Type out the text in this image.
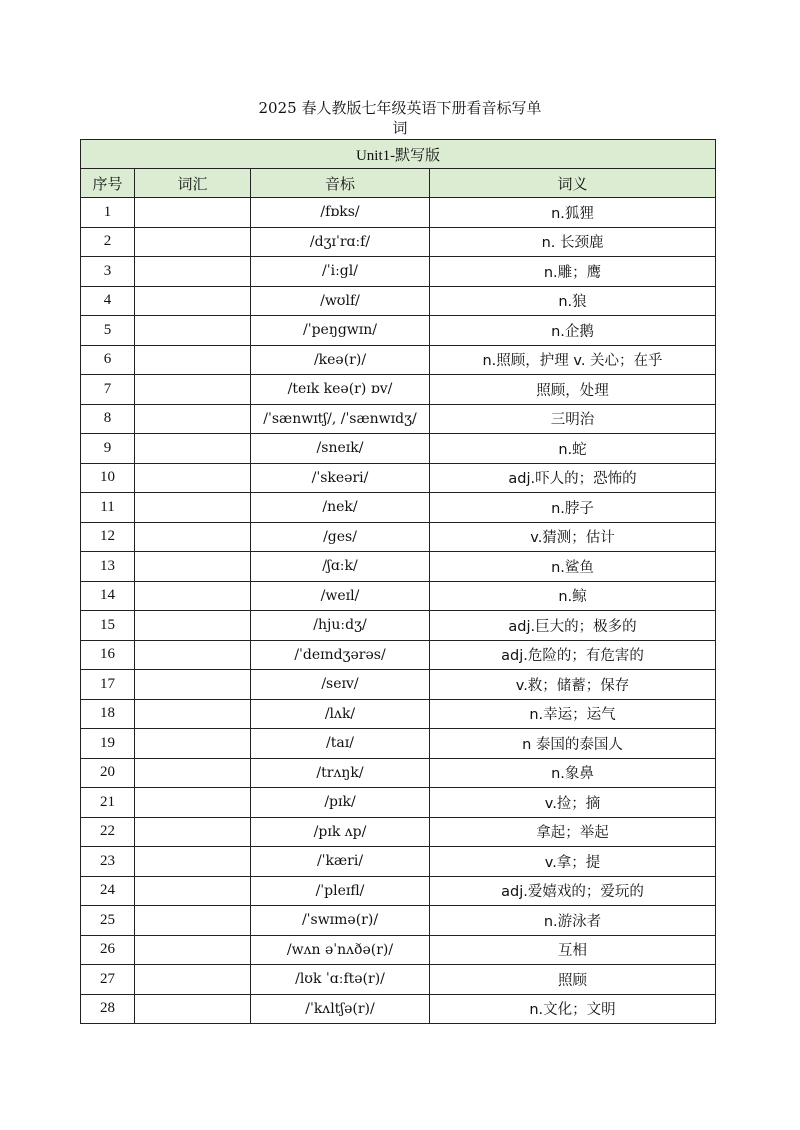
2025 春人教版七年级英语下册看音标写单
词
Unit1-默写版			
序号	词汇	音标	词义
1		/fɒks/	n.狐狸
2		/dʒɪˈrɑːf/	n. 长颈鹿
3		/ˈiːgl/	n.雕；鹰
4		/wʊlf/	n.狼
5		/ˈpeŋgwɪn/	n.企鹅
6		/keə(r)/	n.照顾，护理 v. 关心；在乎
7		/teɪk keə(r) ɒv/	照顾，处理
8		/ˈsænwɪtʃ/, /ˈsænwɪdʒ/	三明治
9		/sneɪk/	n.蛇
10		/ˈskeəri/	adj.吓人的；恐怖的
11		/nek/	n.脖子
12		/ges/	v.猜测；估计
13		/ʃɑːk/	n.鲨鱼
14		/weɪl/	n.鲸
15		/hjuːdʒ/	adj.巨大的；极多的
16		/ˈdeɪndʒərəs/	adj.危险的；有危害的
17		/seɪv/	v.救；储蓄；保存
18		/lʌk/	n.幸运；运气
19		/taɪ/	n 泰国的泰国人
20		/trʌŋk/	n.象鼻
21		/pɪk/	v.捡；摘
22		/pɪk ʌp/	拿起；举起
23		/ˈkæri/	v.拿；提
24		/ˈpleɪfl/	adj.爱嬉戏的；爱玩的
25		/ˈswɪmə(r)/	n.游泳者
26		/wʌn əˈnʌðə(r)/	互相
27		/lʊk ˈɑːftə(r)/	照顾
28		/ˈkʌltʃə(r)/	n.文化；文明
